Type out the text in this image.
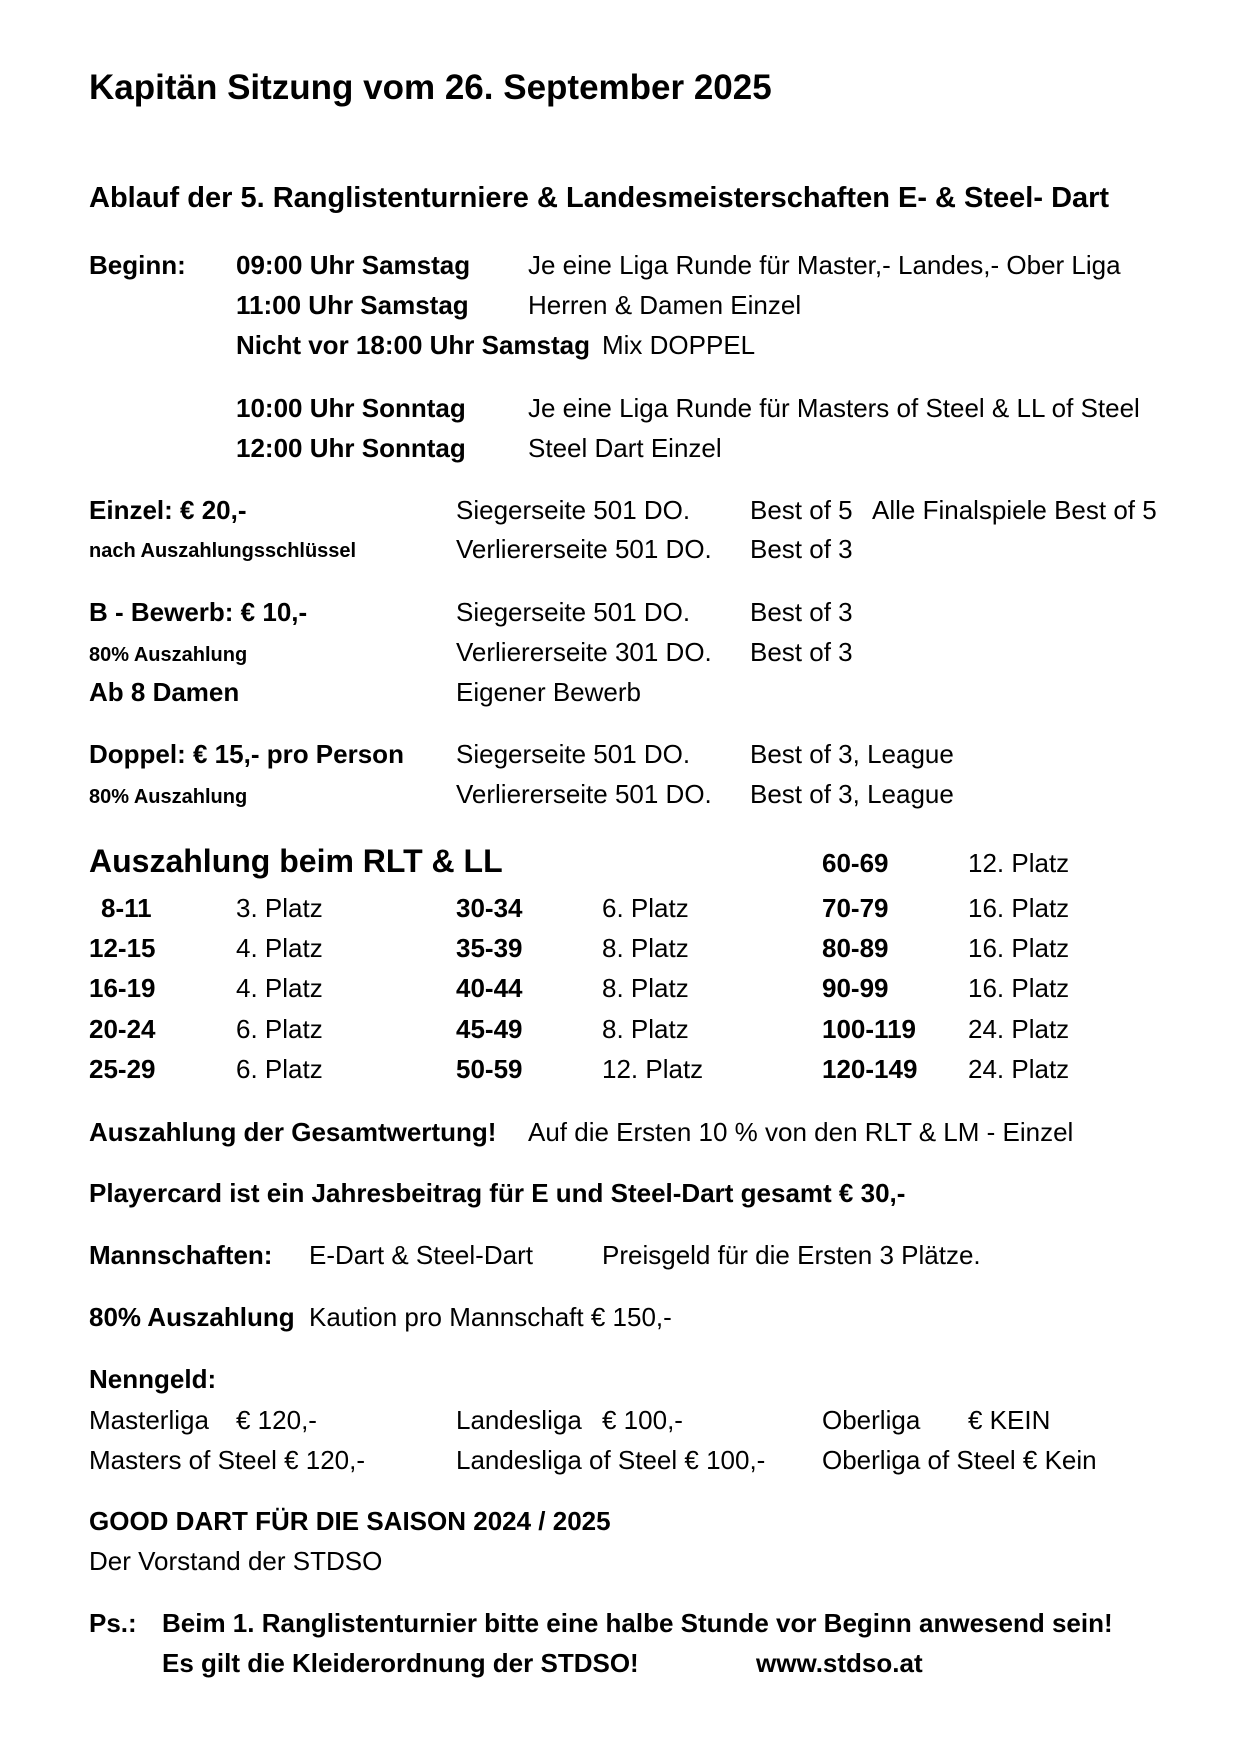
Kapitän Sitzung vom 26. September 2025
Ablauf der 5. Ranglistenturniere & Landesmeisterschaften E- & Steel- Dart
Beginn: 09:00 Uhr Samstag Je eine Liga Runde für Master,- Landes,- Ober Liga
11:00 Uhr Samstag Herren & Damen Einzel
Nicht vor 18:00 Uhr Samstag Mix DOPPEL
10:00 Uhr Sonntag Je eine Liga Runde für Masters of Steel & LL of Steel
12:00 Uhr Sonntag Steel Dart Einzel
Einzel: € 20,-	Siegerseite 501 DO. Best of 5 Alle Finalspiele Best of 5
nach Auszahlungsschlüssel	Verliererseite 501 DO. Best of 3
B - Bewerb: € 10,-	Siegerseite 501 DO. Best of 3
80% Auszahlung	Verliererseite 301 DO. Best of 3
Ab 8 Damen	Eigener Bewerb
Doppel: € 15,- pro Person Siegerseite 501 DO. Best of 3, League
80% Auszahlung	Verliererseite 501 DO. Best of 3, League
Auszahlung beim RLT & LL	60-69	12. Platz
8-11	3. Platz	30-34	6. Platz	70-79	16. Platz
12-15	4. Platz	35-39	8. Platz	80-89	16. Platz
16-19	4. Platz	40-44	8. Platz	90-99	16. Platz
20-24	6. Platz	45-49	8. Platz	100-119 24. Platz
25-29	6. Platz	50-59	12. Platz	120-149 24. Platz
Auszahlung der Gesamtwertung! Auf die Ersten 10 % von den RLT & LM - Einzel
Playercard ist ein Jahresbeitrag für E und Steel-Dart gesamt € 30,-
Mannschaften: E-Dart & Steel-Dart	Preisgeld für die Ersten 3 Plätze.
80% Auszahlung Kaution pro Mannschaft € 150,-
Nenngeld:
Masterliga € 120,-	Landesliga € 100,-	Oberliga € KEIN
Masters of Steel € 120,-	Landesliga of Steel € 100,- Oberliga of Steel € Kein
GOOD DART FÜR DIE SAISON 2024 / 2025
Der Vorstand der STDSO
Ps.: Beim 1. Ranglistenturnier bitte eine halbe Stunde vor Beginn anwesend sein!
Es gilt die Kleiderordnung der STDSO!	www.stdso.at
